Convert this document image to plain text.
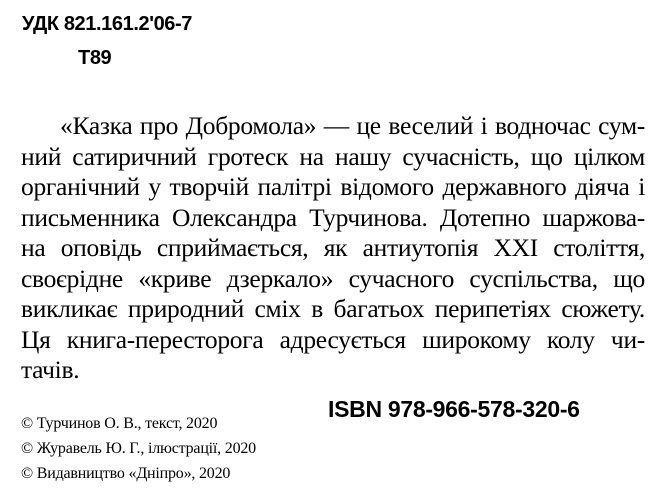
УДК 821.161.2'06-7
Т89
«Казка про Добромола» — це веселий і водночас сум-
ний сатиричний гротеск на нашу сучасність, що цілком
органічний у творчій палітрі відомого державного діяча і
письменника Олександра Турчинова. Дотепно шаржова-
на оповідь сприймається, як антиутопія XXI століття,
своєрідне «криве дзеркало» сучасного суспільства, що
викликає природний сміх в багатьох перипетіях сюжету.
Ця книга-пересторога адресується широкому колу чи-
тачів.
© Турчинов О. В., текст, 2020
© Журавель Ю. Г., ілюстрації, 2020
© Видавництво «Дніпро», 2020
ISBN 978-966-578-320-6
